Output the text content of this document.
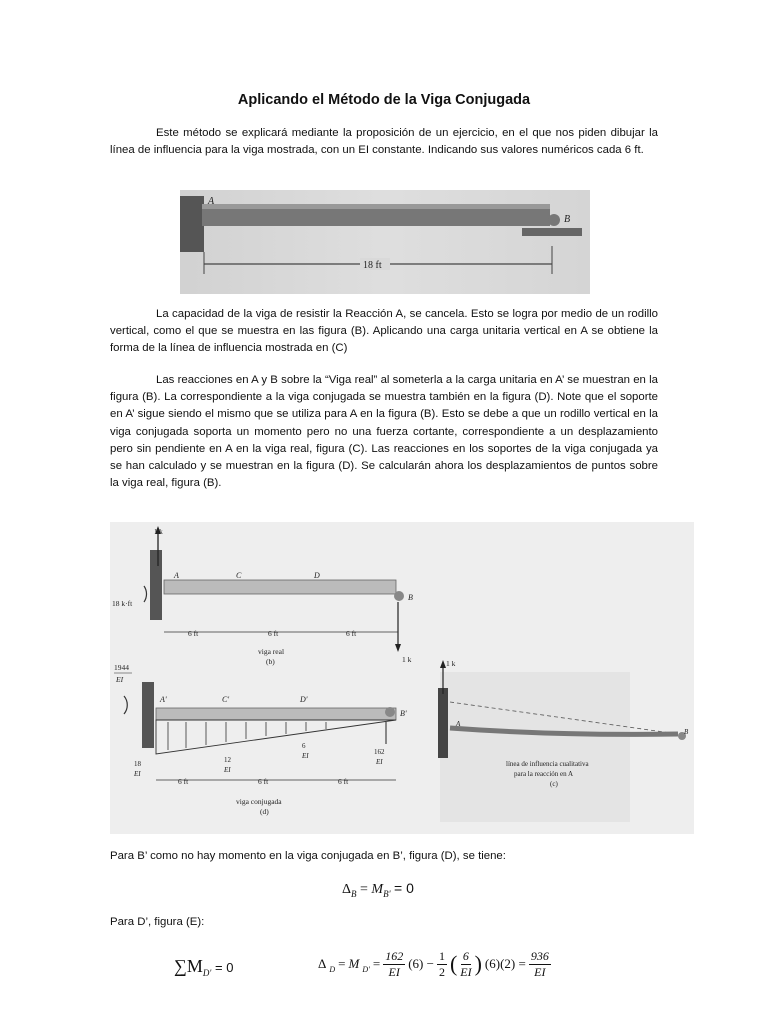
Aplicando el Método de la Viga Conjugada

Este método se explicará mediante la proposición de un ejercicio, en el que nos piden dibujar la línea de influencia para la viga mostrada, con un EI constante. Indicando sus valores numéricos cada 6 ft.

A
B
18 ft

La capacidad de la viga de resistir la Reacción A, se cancela. Esto se logra por medio de un rodillo vertical, como el que se muestra en las figura (B). Aplicando una carga unitaria vertical en A se obtiene la forma de la línea de influencia mostrada en (C)

Las reacciones en A y B sobre la “Viga real” al someterla a la carga unitaria en A’ se muestran en la figura (B). La correspondiente a la viga conjugada se muestra también en la figura (D). Note que el soporte en A’ sigue siendo el mismo que se utiliza para A en la figura (B). Esto se debe a que un rodillo vertical en la viga conjugada soporta un momento pero no una fuerza cortante, correspondiente a un desplazamiento pero sin pendiente en A en la viga real, figura (C). Las reacciones en los soportes de la viga conjugada ya se han calculado y se muestran en la figura (D). Se calcularán ahora los desplazamientos de puntos sobre la viga real, figura (B).

1 k
18 k·ft
1 k
A	C	D
B
6 ft	6 ft	6 ft
viga real
(b)
1944
EI
A'	C'	D'
B'
18
EI
12
EI
6
EI	162
EI
6 ft	6 ft	6 ft
viga conjugada
(d)
1 k
A
B
línea de influencia cualitativa
para la reacción en A
(c)

Para B’ como no hay momento en la viga conjugada en B’, figura (D), se tiene:

$\Delta_B = M_{B'} = 0$

Para D’, figura (E):

$\sum M_{D'} = 0$	Δ $_D$ = M $_{D'} = \frac{162}{EI} (6) - \frac{1}{2}$ ( $\frac{6}{EI}$ ) $(6)(2) = \frac{936}{EI}$
